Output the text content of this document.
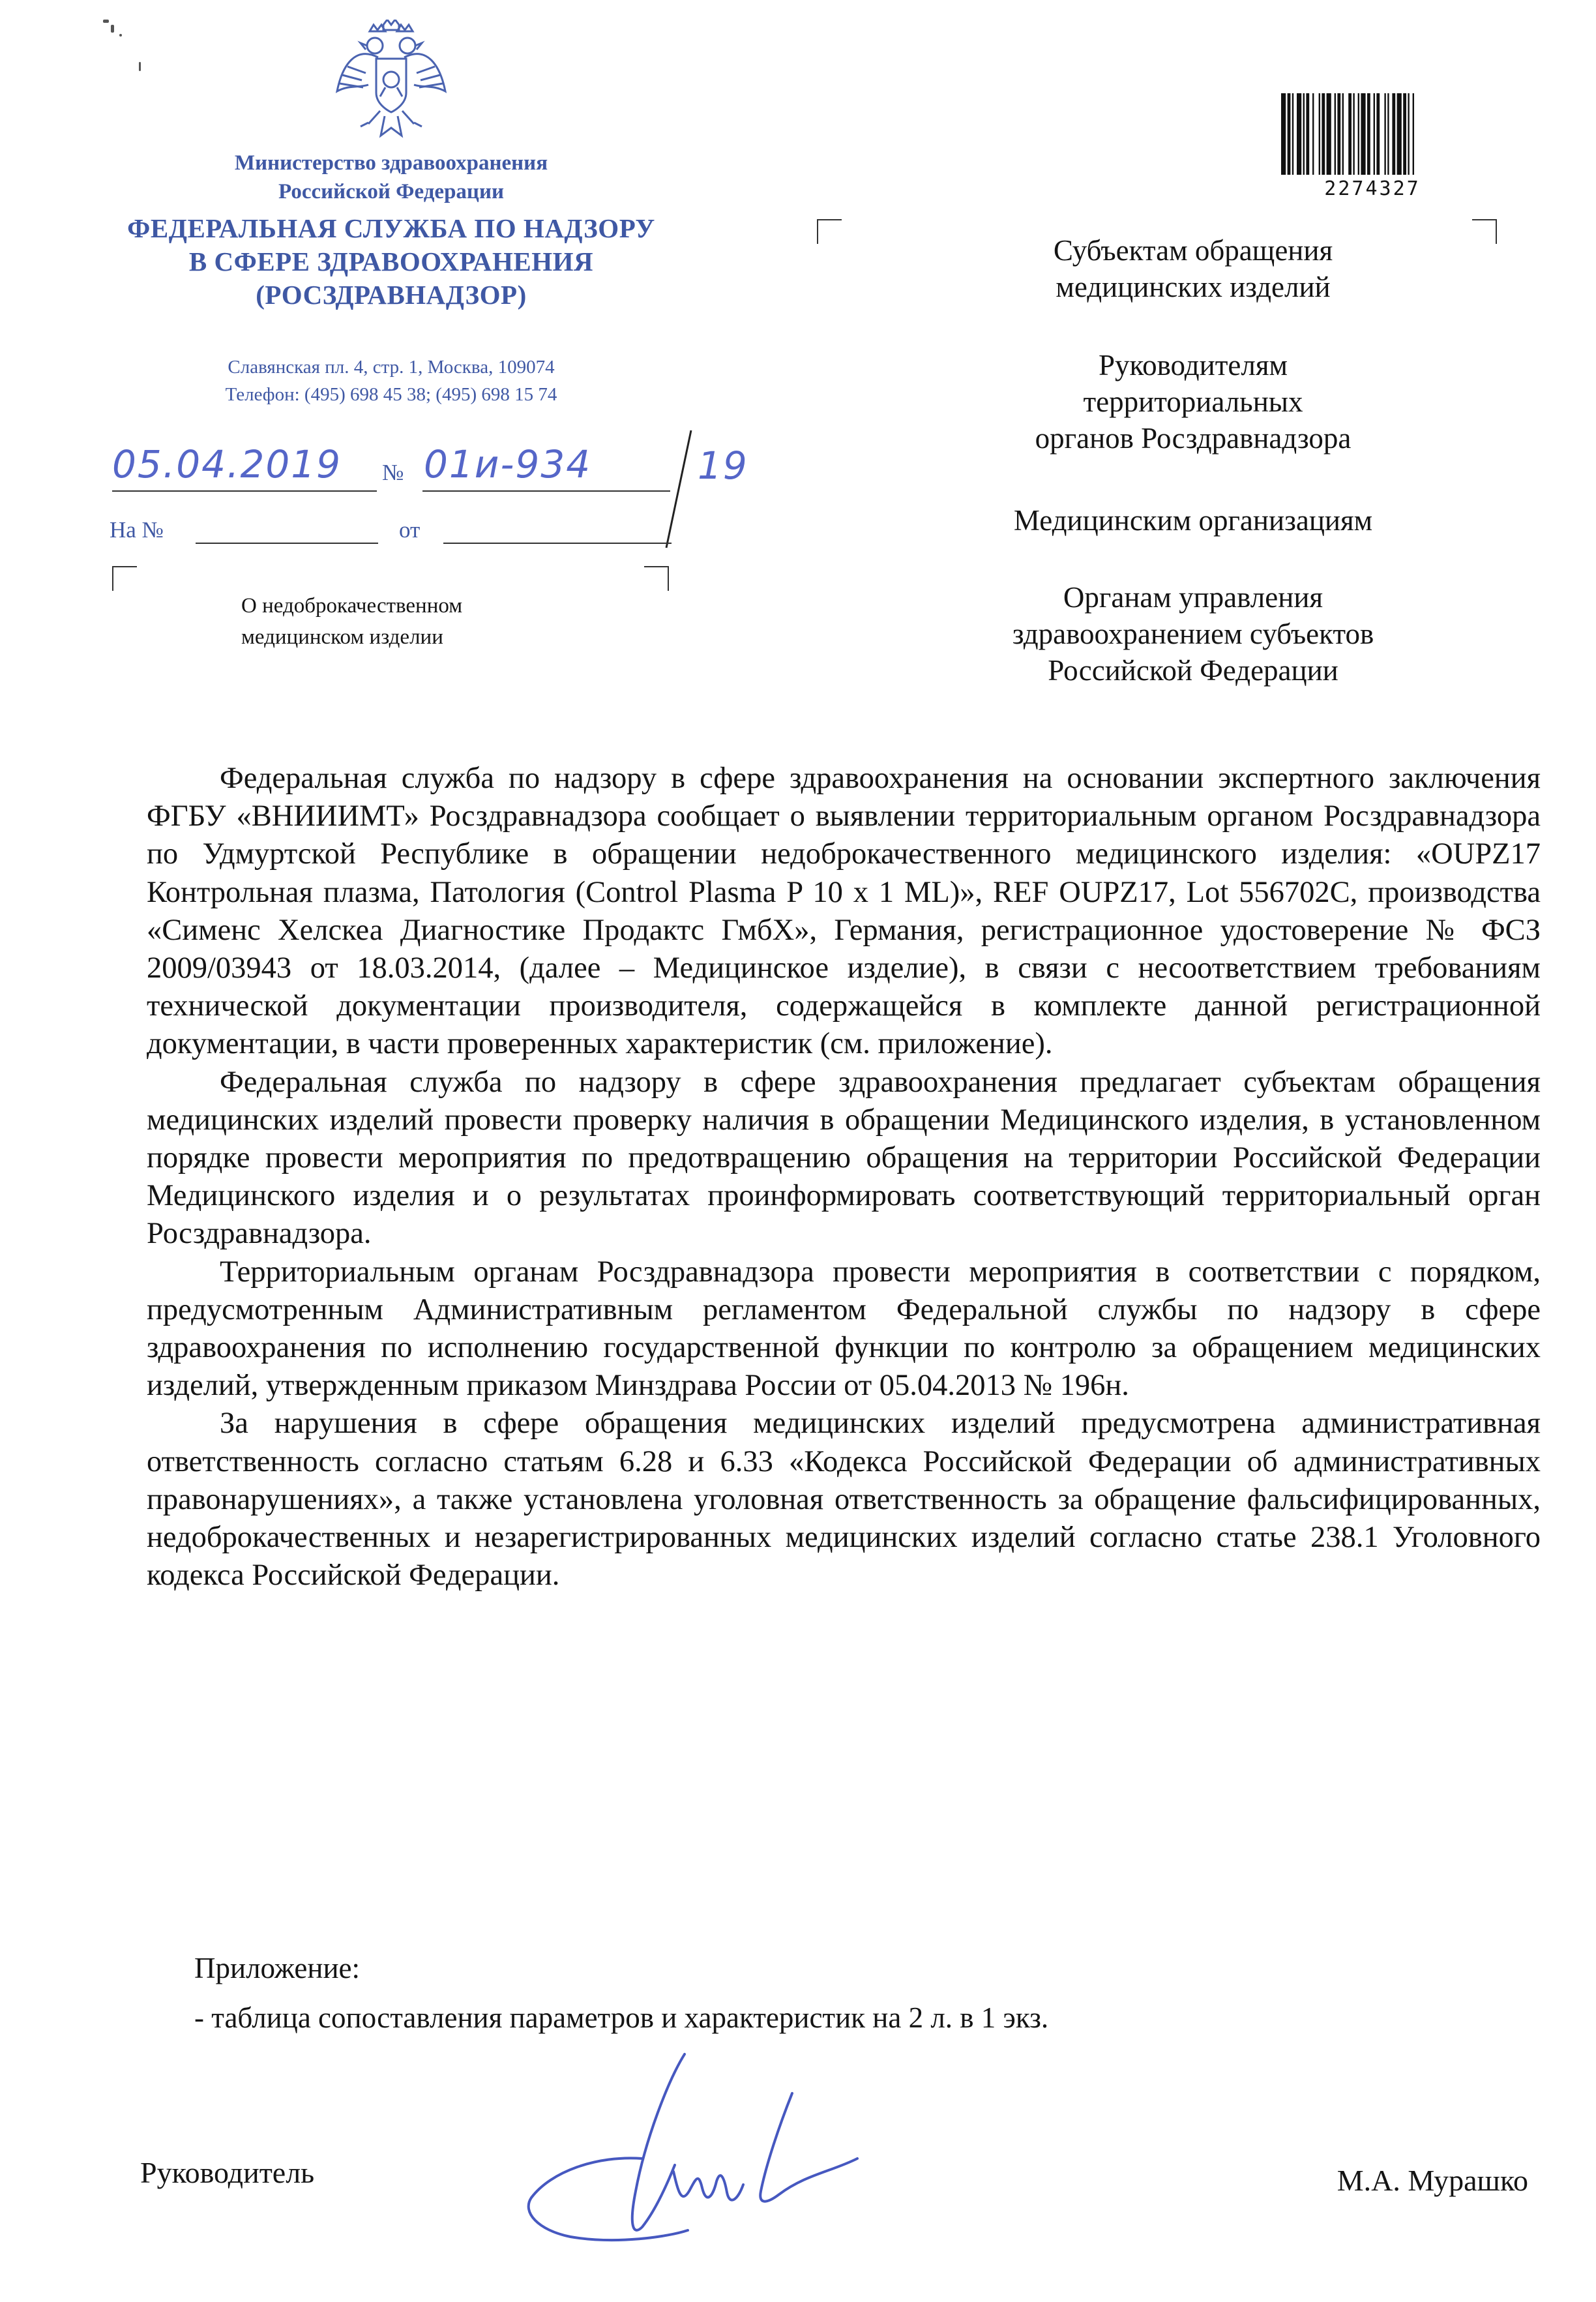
Министерство здравоохранения
Российской Федерации
ФЕДЕРАЛЬНАЯ СЛУЖБА ПО НАДЗОРУ
В СФЕРЕ ЗДРАВООХРАНЕНИЯ
(РОСЗДРАВНАДЗОР)
Славянская пл. 4, стр. 1, Москва, 109074
Телефон: (495) 698 45 38; (495) 698 15 74
05.04.2019 № 01и-934	19
На №	от
О недоброкачественном
медицинском изделии
2274327
Субъектам обращения
медицинских изделий
Руководителям
территориальных
органов Росздравнадзора
Медицинским организациям
Органам управления
здравоохранением субъектов
Российской Федерации

Федеральная служба по надзору в сфере здравоохранения на основании экспертного заключения ФГБУ «ВНИИИМТ» Росздравнадзора сообщает о выявлении территориальным органом Росздравнадзора по Удмуртской Республике в обращении недоброкачественного медицинского изделия: «OUPZ17 Контрольная плазма, Патология (Control Plasma P 10 x 1 ML)», REF OUPZ17, Lot 556702C, производства «Сименс Хелскеа Диагностике Продактс ГмбХ», Германия, регистрационное удостоверение № ФСЗ 2009/03943 от 18.03.2014, (далее – Медицинское изделие), в связи с несоответствием требованиям технической документации производителя, содержащейся в комплекте данной регистрационной документации, в части проверенных характеристик (см. приложение).

Федеральная служба по надзору в сфере здравоохранения предлагает субъектам обращения медицинских изделий провести проверку наличия в обращении Медицинского изделия, в установленном порядке провести мероприятия по предотвращению обращения на территории Российской Федерации Медицинского изделия и о результатах проинформировать соответствующий территориальный орган Росздравнадзора.

Территориальным органам Росздравнадзора провести мероприятия в соответствии с порядком, предусмотренным Административным регламентом Федеральной службы по надзору в сфере здравоохранения по исполнению государственной функции по контролю за обращением медицинских изделий, утвержденным приказом Минздрава России от 05.04.2013 № 196н.

За нарушения в сфере обращения медицинских изделий предусмотрена административная ответственность согласно статьям 6.28 и 6.33 «Кодекса Российской Федерации об административных правонарушениях», а также установлена уголовная ответственность за обращение фальсифицированных, недоброкачественных и незарегистрированных медицинских изделий согласно статье 238.1 Уголовного кодекса Российской Федерации.

Приложение:
- таблица сопоставления параметров и характеристик на 2 л. в 1 экз.
Руководитель	М.А. Мурашко
